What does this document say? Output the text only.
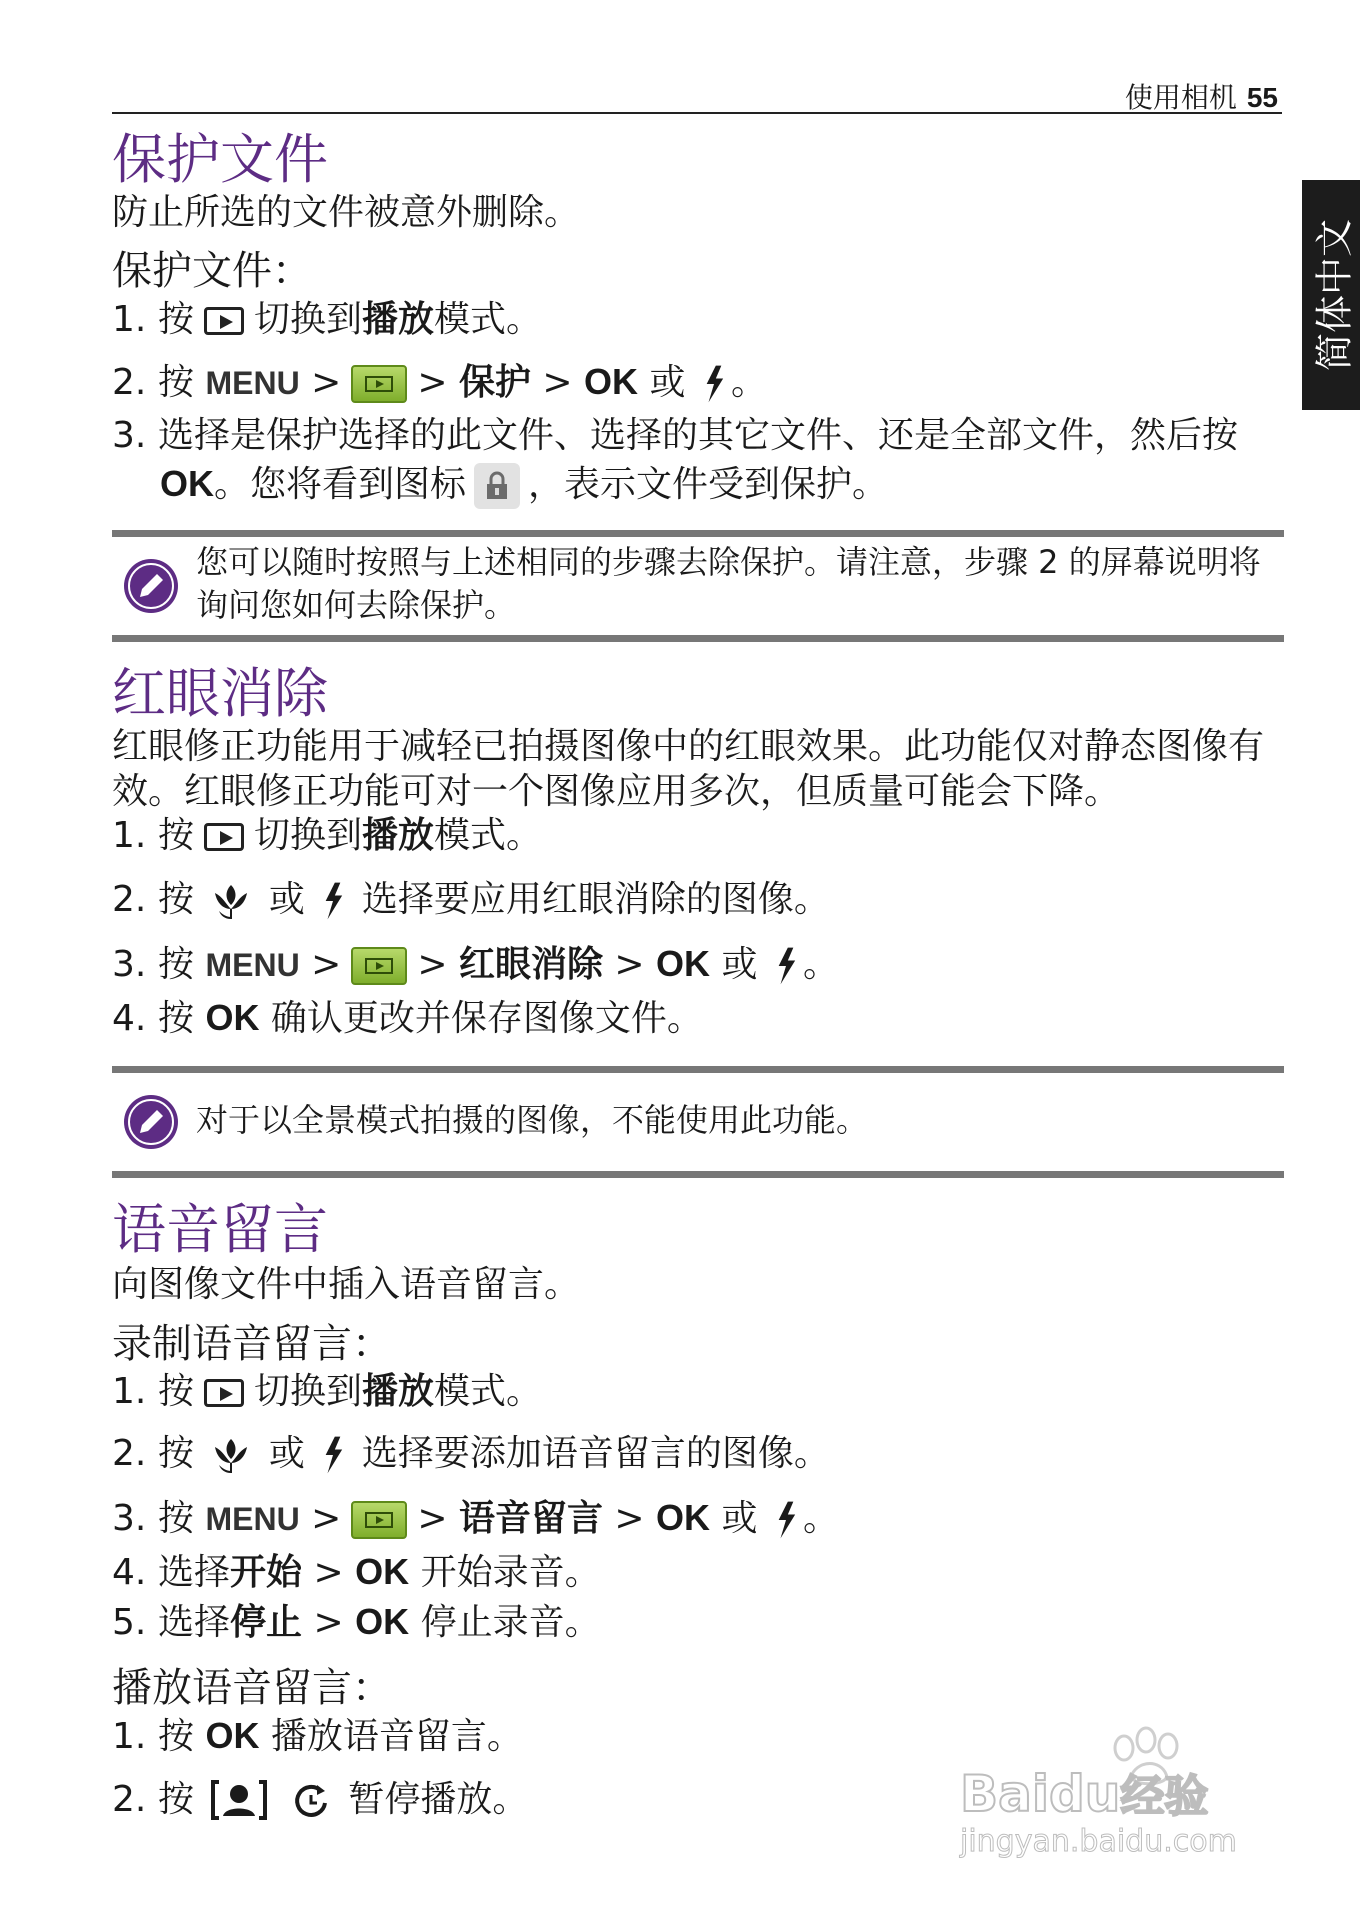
使用相机 55
简体中文
保护文件
防止所选的文件被意外删除。
保护文件：
1. 按 切换到播放模式。
2. 按 MENU > > 保护 > OK 或 。
3. 选择是保护选择的此文件、选择的其它文件、还是全部文件，然后按
OK。您将看到图标 ，表示文件受到保护。
您可以随时按照与上述相同的步骤去除保护。请注意，步骤 2 的屏幕说明将询问您如何去除保护。
红眼消除
红眼修正功能用于减轻已拍摄图像中的红眼效果。此功能仅对静态图像有效。红眼修正功能可对一个图像应用多次，但质量可能会下降。
1. 按 切换到播放模式。
2. 按 或 选择要应用红眼消除的图像。
3. 按 MENU > > 红眼消除 > OK 或 。
4. 按 OK 确认更改并保存图像文件。
对于以全景模式拍摄的图像，不能使用此功能。
语音留言
向图像文件中插入语音留言。
录制语音留言：
1. 按 切换到播放模式。
2. 按 或 选择要添加语音留言的图像。
3. 按 MENU > > 语音留言 > OK 或 。
4. 选择开始 > OK 开始录音。
5. 选择停止 > OK 停止录音。
播放语音留言：
1. 按 OK 播放语音留言。
2. 按	暂停播放。	Baidu经验
jingyan.baidu.com
